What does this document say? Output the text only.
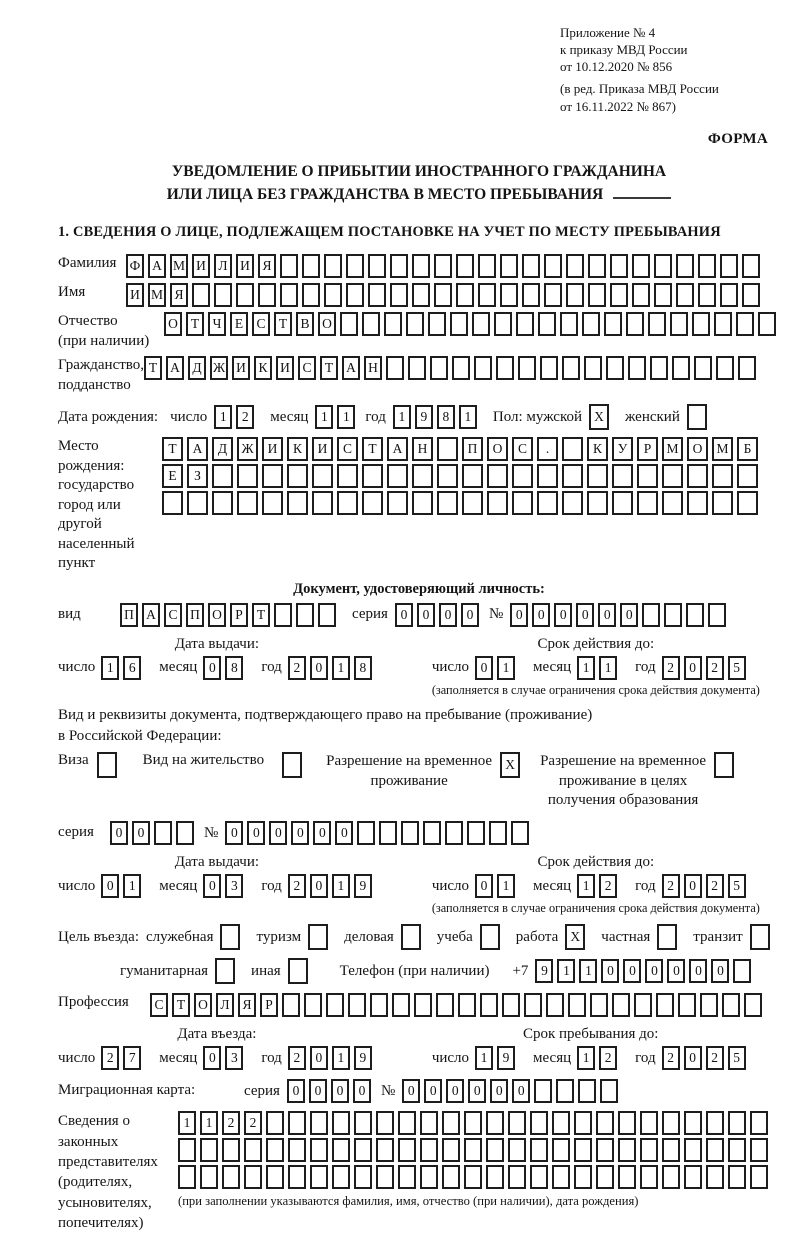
Приложение № 4
к приказу МВД России
от 10.12.2020 № 856
(в ред. Приказа МВД России
от 16.11.2022 № 867)
ФОРМА
УВЕДОМЛЕНИЕ О ПРИБЫТИИ ИНОСТРАННОГО ГРАЖДАНИНА
ИЛИ ЛИЦА БЕЗ ГРАЖДАНСТВА В МЕСТО ПРЕБЫВАНИЯ
1. СВЕДЕНИЯ О ЛИЦЕ, ПОДЛЕЖАЩЕМ ПОСТАНОВКЕ НА УЧЕТ ПО МЕСТУ ПРЕБЫВАНИЯ
Фамилия Ф А М И Л И Я
Имя	И М Я
Отчество
(при наличии)
О Т Ч Е С Т В О
Гражданство,
подданство
Т А Д Ж И К И С Т А Н
Дата рождения: число 1	2	месяц 1	1	год 1	9	8	1	Пол: мужской X	женский
Место рождения:
государство
город или другой
населенный пункт
Т	А	Д	Ж	И	К	И	С	Т	А	Н	П	О	С	.	К	У	Р	М	О	М	Б
Е	З
Документ, удостоверяющий личность:
вид	П А С П О Р	Т	серия 0	0	0	0	№ 0	0	0	0	0	0
Дата выдачи:
число 1	6	месяц 0	8	год 2	0	1	8
Срок действия до:
число 0	1	месяц 1	1	год 2	0	2	5
(заполняется в случае ограничения срока действия документа)
Вид и реквизиты документа, подтверждающего право на пребывание (проживание)
в Российской Федерации:
Виза	Вид на жительство	Разрешение на временное
проживание
X	Разрешение на временное
проживание в целях
получения образования
серия	0	0	№ 0	0	0	0	0	0
Дата выдачи:
число 0	1	месяц 0	3	год 2	0	1	9
Срок действия до:
число 0	1	месяц 1	2	год 2	0	2	5
(заполняется в случае ограничения срока действия документа)
Цель въезда: служебная	туризм	деловая	учеба	работа X	частная	транзит
гуманитарная	иная	Телефон (при наличии) +7 9	1	1	0	0	0	0	0	0
Профессия	С Т О Л Я	Р
Дата въезда:
число 2	7	месяц 0	3	год 2	0	1	9
Срок пребывания до:
число 1	9	месяц 1	2	год 2	0	2	5
Миграционная карта:	серия 0	0	0	0	№ 0	0	0	0	0	0
Сведения о
законных
представителях
(родителях,
усыновителях,
попечителях)
1	1	2	2
(при заполнении указываются фамилия, имя, отчество (при наличии), дата рождения)
